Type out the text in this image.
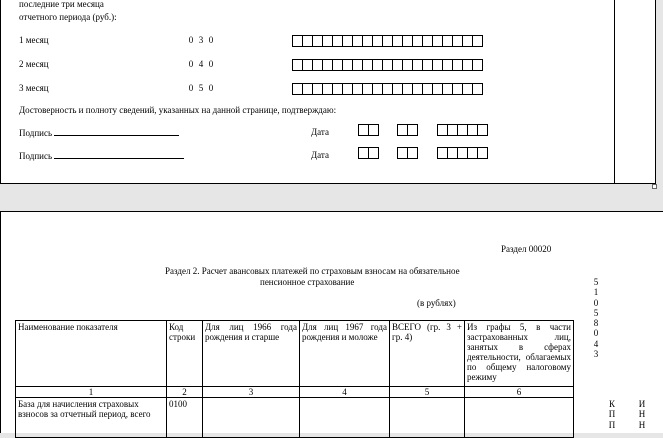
последние три месяца
отчетного периода (руб.):
1 месяц	0 3 0
2 месяц	0 4 0
3 месяц	0 5 0
Достоверность и полноту сведений, указанных на данной странице, подтверждаю:
Подпись	Дата
Подпись	Дата
Раздел 00020
Раздел 2. Расчет авансовых платежей по страховым взносам на обязательное
пенсионное страхование
(в рублях)
5
1
0
5
8
0
4
3
К
П
П
И
Н
Н
Наименование показателя	Код строки	Для лиц 1966 года рождения и старше	Для лиц 1967 года рождения и моложе	ВСЕГО (гр. 3 + гр. 4)	Из графы 5, в части застрахованных лиц, занятых в сферах деятельности, облагаемых по общему налоговому режиму
1	2	3	4	5	6
База для начисления страховых взносов за отчетный период, всего	0100				
